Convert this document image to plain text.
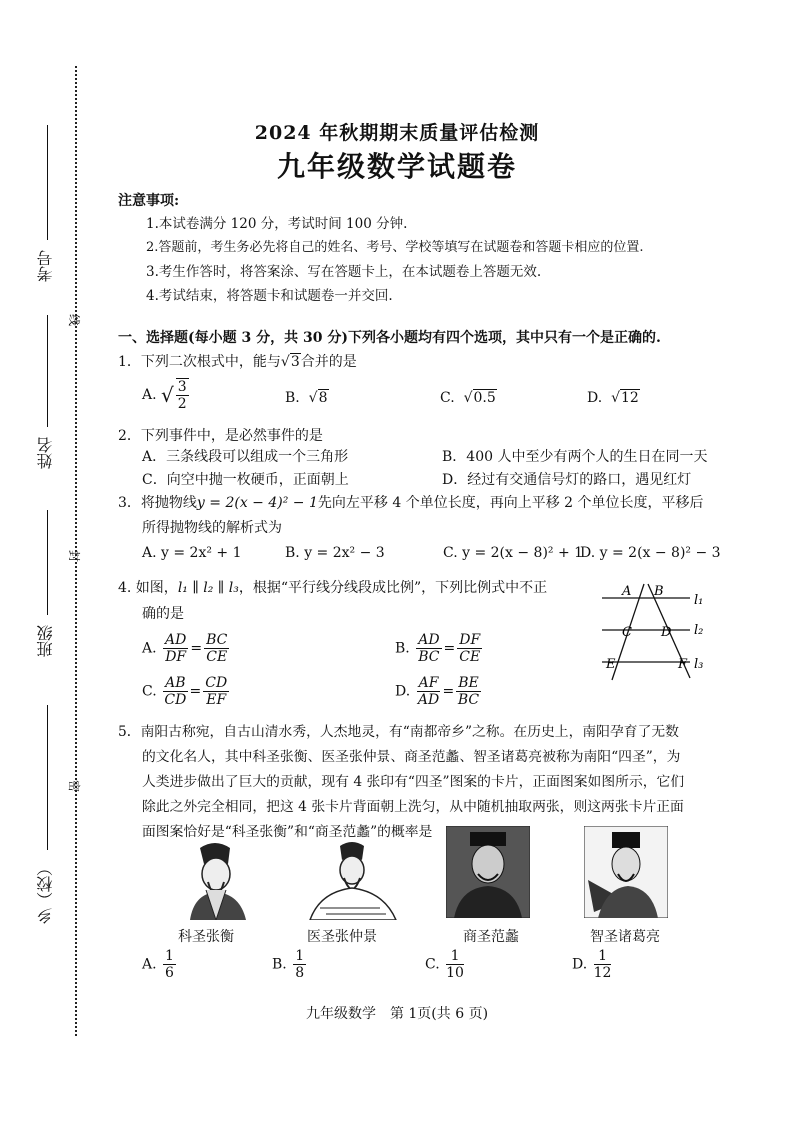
考号
姓名
班级
乡（校）
线
封
密
2024 年秋期期末质量评估检测
九年级数学试题卷
注意事项:
1.本试卷满分 120 分，考试时间 100 分钟.
2.答题前，考生务必先将自己的姓名、考号、学校等填写在试题卷和答题卡相应的位置.
3.考生作答时，将答案涂、写在答题卡上，在本试题卷上答题无效.
4.考试结束，将答题卡和试题卷一并交回.
一、选择题(每小题 3 分，共 30 分)下列各小题均有四个选项，其中只有一个是正确的.
1．下列二次根式中，能与√3合并的是
A. √ $\frac{3}{2}$	B. √8	C. √0.5	D. √12
2．下列事件中，是必然事件的是
A．三条线段可以组成一个三角形	B．400 人中至少有两个人的生日在同一天
C．向空中抛一枚硬币，正面朝上	D．经过有交通信号灯的路口，遇见红灯
3．将抛物线y = 2(x − 4)² − 1先向左平移 4 个单位长度，再向上平移 2 个单位长度，平移后
所得抛物线的解析式为
A. y = 2x² + 1	B. y = 2x² − 3	C. y = 2(x − 8)² + 1
D. y = 2(x − 8)² − 3
4. 如图，l₁ ∥ l₂ ∥ l₃，根据“平行线分线段成比例”，下列比例式中不正
确的是
A. $\frac{AD}{DF} = \frac{BC}{CE}$	B. $\frac{AD}{BC} = \frac{DF}{CE}$
C. $\frac{AB}{CD} = \frac{CD}{EF}$	D. $\frac{AF}{AD} = \frac{BE}{BC}$
A B
C D
E	F
l₁
l₂
l₃
5．南阳古称宛，自古山清水秀，人杰地灵，有“南都帝乡”之称。在历史上，南阳孕育了无数
的文化名人，其中科圣张衡、医圣张仲景、商圣范蠡、智圣诸葛亮被称为南阳“四圣”，为
人类进步做出了巨大的贡献，现有 4 张印有“四圣”图案的卡片，正面图案如图所示，它们
除此之外完全相同，把这 4 张卡片背面朝上洗匀，从中随机抽取两张，则这两张卡片正面
面图案恰好是“科圣张衡”和“商圣范蠡”的概率是
科圣张衡	医圣张仲景	商圣范蠡	智圣诸葛亮
A. $\frac{1}{6}$	B. $\frac{1}{8}$	C. $\frac{1}{10}$	D. $\frac{1}{12}$
九年级数学　第 1页(共 6 页)
